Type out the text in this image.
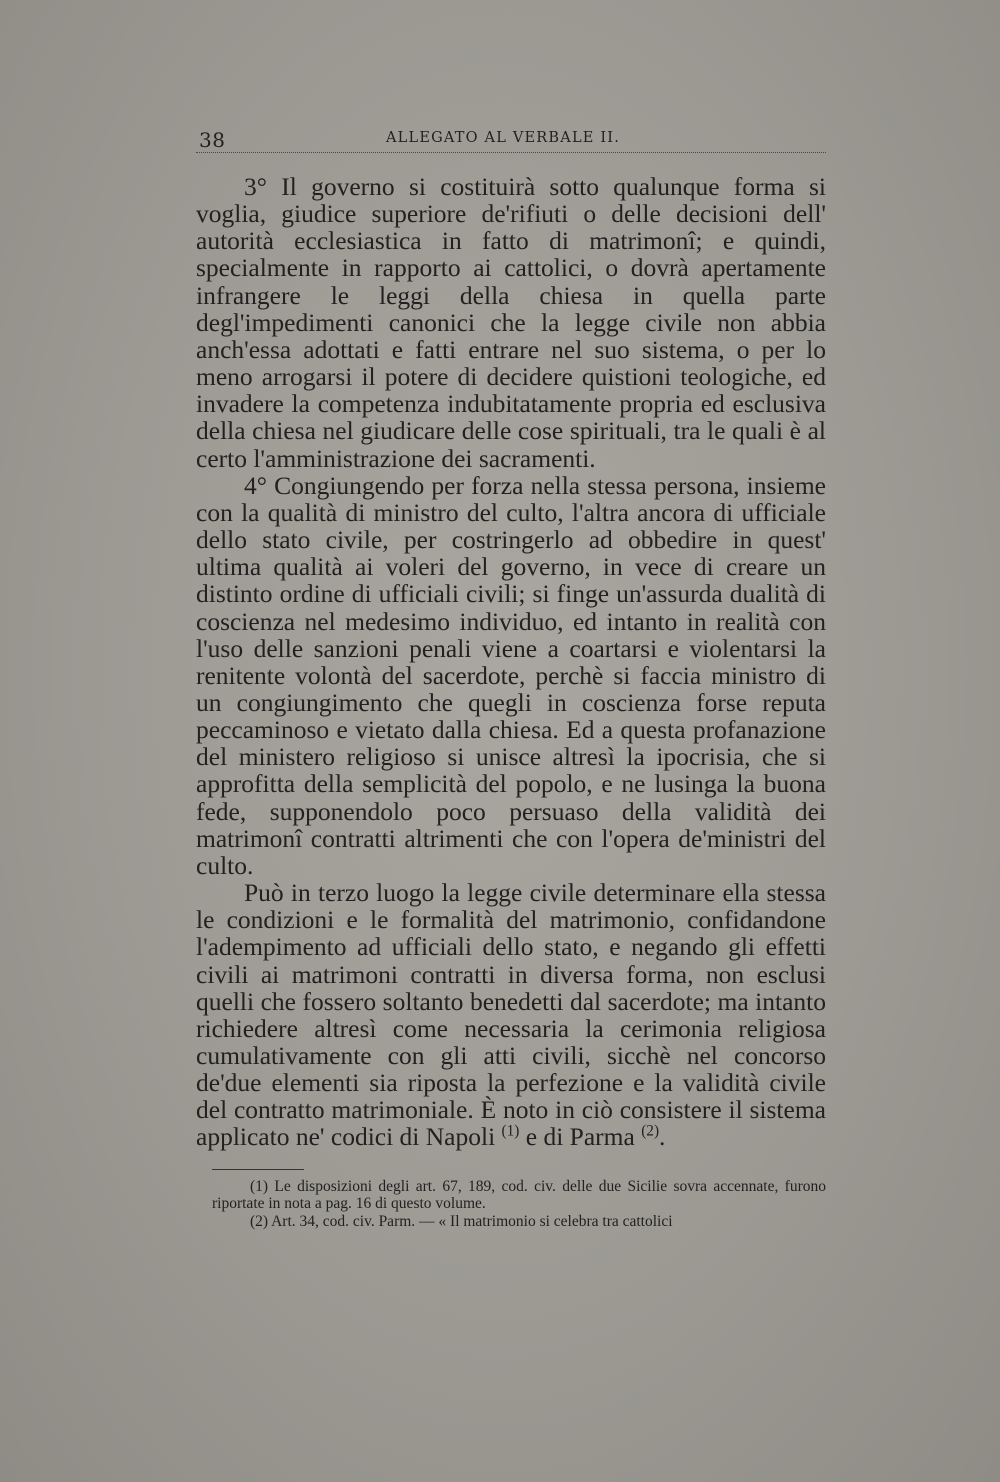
38	ALLEGATO AL VERBALE II.

3° Il governo si costituirà sotto qualunque forma si voglia, giudice superiore de'rifiuti o delle decisioni dell' autorità ecclesiastica in fatto di matrimonî; e quindi, specialmente in rapporto ai cattolici, o dovrà apertamente infrangere le leggi della chiesa in quella parte degl'impedimenti canonici che la legge civile non abbia anch'essa adottati e fatti entrare nel suo sistema, o per lo meno arrogarsi il potere di decidere quistioni teologiche, ed invadere la competenza indubitatamente propria ed esclusiva della chiesa nel giudicare delle cose spirituali, tra le quali è al certo l'amministrazione dei sacramenti.

4° Congiungendo per forza nella stessa persona, insieme con la qualità di ministro del culto, l'altra ancora di ufficiale dello stato civile, per costringerlo ad obbedire in quest' ultima qualità ai voleri del governo, in vece di creare un distinto ordine di ufficiali civili; si finge un'assurda dualità di coscienza nel medesimo individuo, ed intanto in realità con l'uso delle sanzioni penali viene a coartarsi e violentarsi la renitente volontà del sacerdote, perchè si faccia ministro di un congiungimento che quegli in coscienza forse reputa peccaminoso e vietato dalla chiesa. Ed a questa profanazione del ministero religioso si unisce altresì la ipocrisia, che si approfitta della semplicità del popolo, e ne lusinga la buona fede, supponendolo poco persuaso della validità dei matrimonî contratti altrimenti che con l'opera de'ministri del culto.

Può in terzo luogo la legge civile determinare ella stessa le condizioni e le formalità del matrimonio, confidandone l'adempimento ad ufficiali dello stato, e negando gli effetti civili ai matrimoni contratti in diversa forma, non esclusi quelli che fossero soltanto benedetti dal sacerdote; ma intanto richiedere altresì come necessaria la cerimonia religiosa cumulativamente con gli atti civili, sicchè nel concorso de'due elementi sia riposta la perfezione e la validità civile del contratto matrimoniale. È noto in ciò consistere il sistema applicato ne' codici di Napoli $^{(1)}$ e di Parma $^{(2)}$.

(1) Le disposizioni degli art. 67, 189, cod. civ. delle due Sicilie sovra accennate, furono riportate in nota a pag. 16 di questo volume.

(2) Art. 34, cod. civ. Parm. — « Il matrimonio si celebra tra cattolici
